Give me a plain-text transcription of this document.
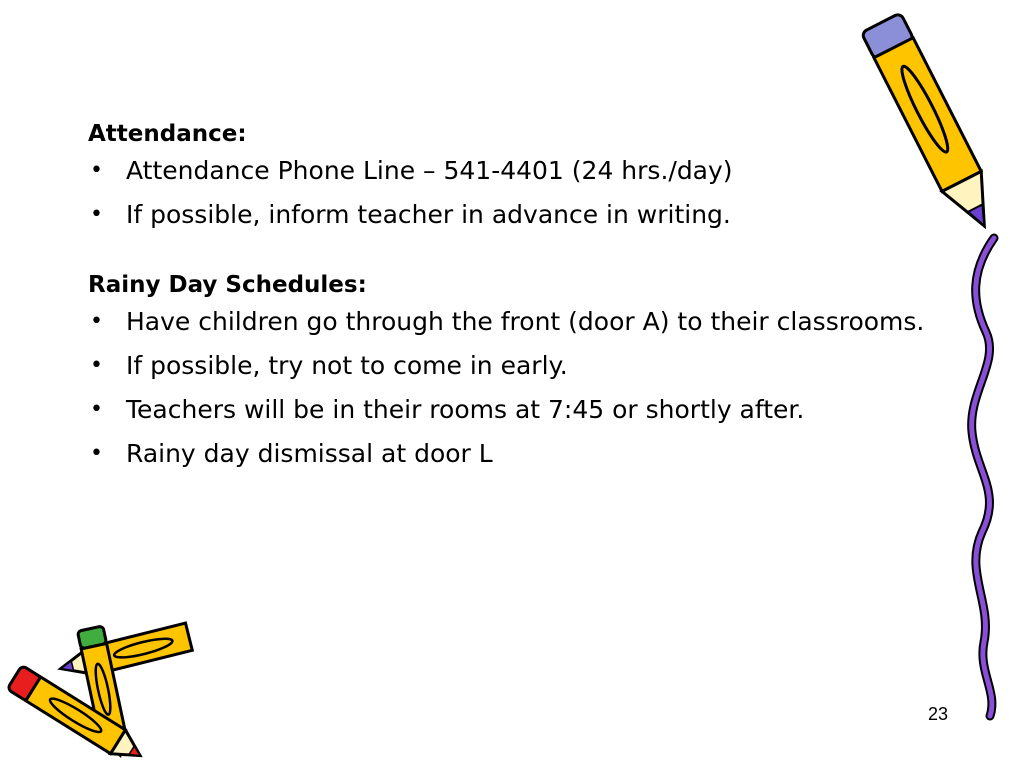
Attendance:

• Attendance Phone Line – 541-4401 (24 hrs./day)
• If possible, inform teacher in advance in writing.

Rainy Day Schedules:

• Have children go through the front (door A) to their classrooms.
• If possible, try not to come in early.
• Teachers will be in their rooms at 7:45 or shortly after.
• Rainy day dismissal at door L
23
